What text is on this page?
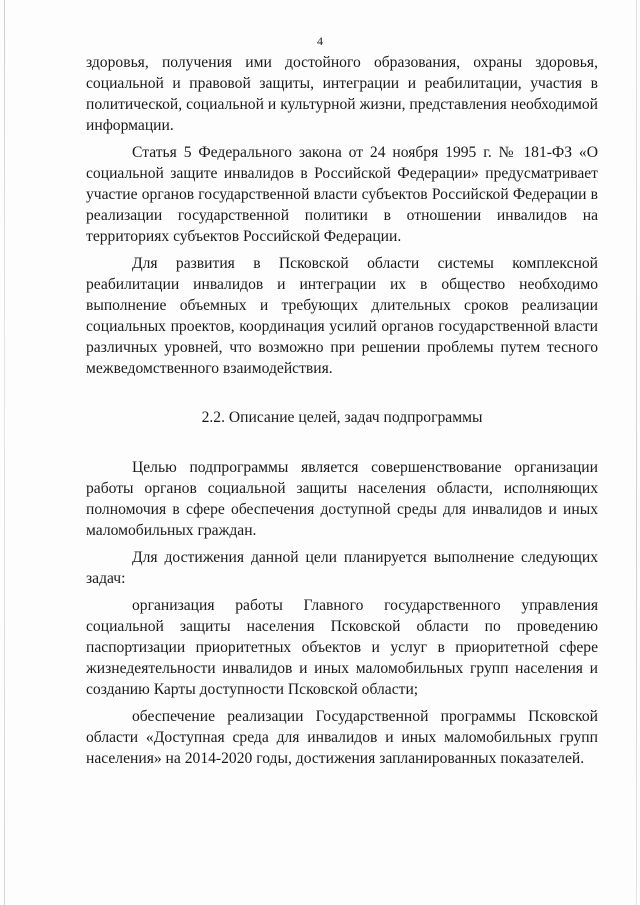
4

здоровья, получения ими достойного образования, охраны здоровья, социальной и правовой защиты, интеграции и реабилитации, участия в политической, социальной и культурной жизни, представления необходимой информации.

Статья 5 Федерального закона от 24 ноября 1995 г. № 181-ФЗ «О социальной защите инвалидов в Российской Федерации» предусматривает участие органов государственной власти субъектов Российской Федерации в реализации государственной политики в отношении инвалидов на территориях субъектов Российской Федерации.

Для развития в Псковской области системы комплексной реабилитации инвалидов и интеграции их в общество необходимо выполнение объемных и требующих длительных сроков реализации социальных проектов, координация усилий органов государственной власти различных уровней, что возможно при решении проблемы путем тесного межведомственного взаимодействия.

2.2. Описание целей, задач подпрограммы

Целью подпрограммы является совершенствование организации работы органов социальной защиты населения области, исполняющих полномочия в сфере обеспечения доступной среды для инвалидов и иных маломобильных граждан.

Для достижения данной цели планируется выполнение следующих задач:

организация работы Главного государственного управления социальной защиты населения Псковской области по проведению паспортизации приоритетных объектов и услуг в приоритетной сфере жизнедеятельности инвалидов и иных маломобильных групп населения и созданию Карты доступности Псковской области;

обеспечение реализации Государственной программы Псковской области «Доступная среда для инвалидов и иных маломобильных групп населения» на 2014-2020 годы, достижения запланированных показателей.
